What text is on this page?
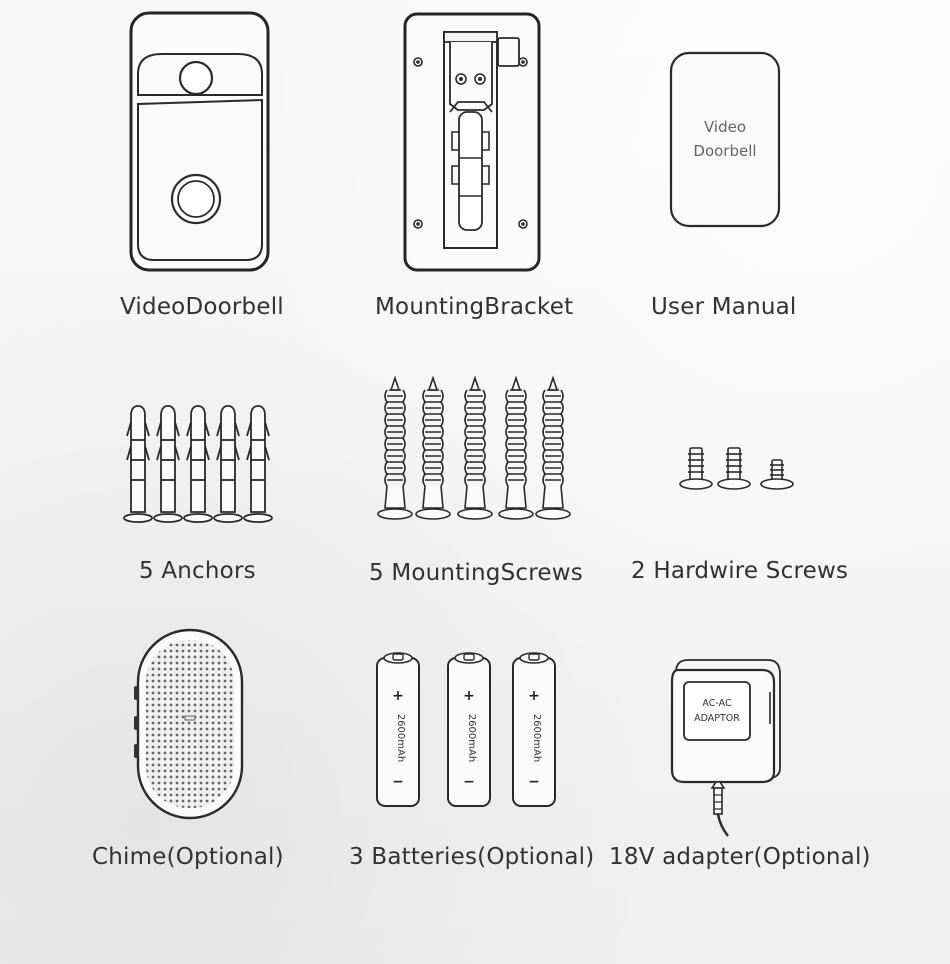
VideoDoorbell	MountingBracket
Video
Doorbell
User Manual
5 Anchors	5 MountingScrews 2 Hardwire Screws
Chime(Optional)
+
−
2600mAh
+
−
2600mAh
+
−
2600mAh
3 Batteries(Optional)
AC-AC
ADAPTOR
18V adapter(Optional)
